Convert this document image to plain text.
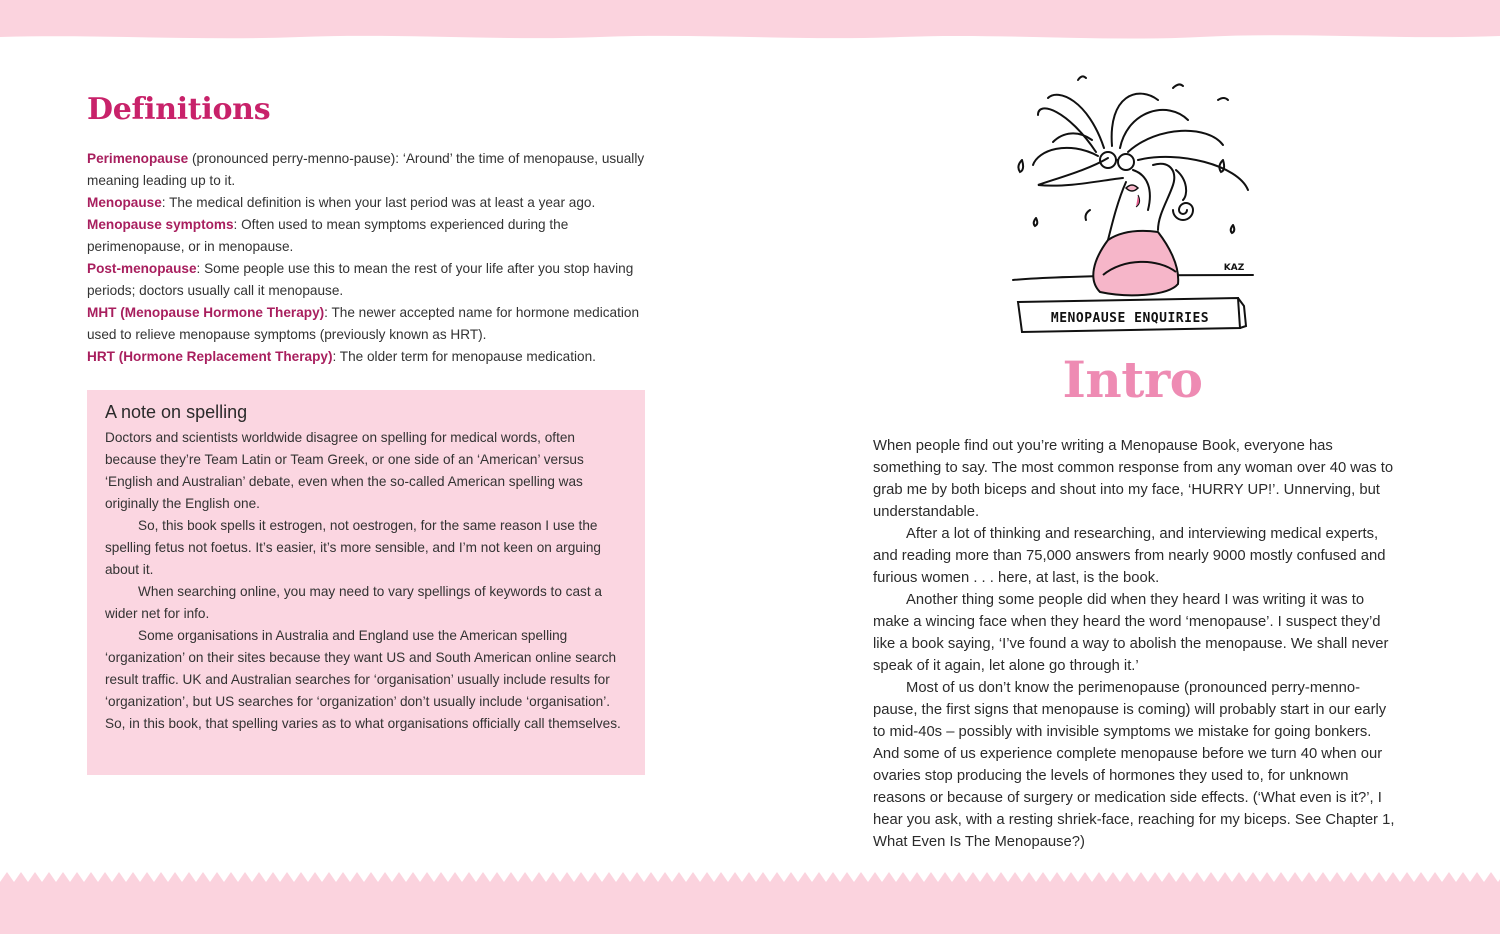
Definitions

Perimenopause (pronounced perry-menno-pause): ‘Around’ the time of menopause, usually meaning leading up to it.

Menopause: The medical definition is when your last period was at least a year ago.

Menopause symptoms: Often used to mean symptoms experienced during the perimenopause, or in menopause.

Post-menopause: Some people use this to mean the rest of your life after you stop having periods; doctors usually call it menopause.

MHT (Menopause Hormone Therapy): The newer accepted name for hormone medication used to relieve menopause symptoms (previously known as HRT).

HRT (Hormone Replacement Therapy): The older term for menopause medication.

A note on spelling

Doctors and scientists worldwide disagree on spelling for medical words, often because they’re Team Latin or Team Greek, or one side of an ‘American’ versus ‘English and Australian’ debate, even when the so-called American spelling was originally the English one.

So, this book spells it estrogen, not oestrogen, for the same reason I use the spelling fetus not foetus. It’s easier, it’s more sensible, and I’m not keen on arguing about it.

When searching online, you may need to vary spellings of keywords to cast a wider net for info.

Some organisations in Australia and England use the American spelling ‘organization’ on their sites because they want US and South American online search result traffic. UK and Australian searches for ‘organisation’ usually include results for ‘organization’, but US searches for ‘organization’ don’t usually include ‘organisation’. So, in this book, that spelling varies as to what organisations officially call themselves.

KAZ
MENOPAUSE ENQUIRIES
Intro

When people find out you’re writing a Menopause Book, everyone has something to say. The most common response from any woman over 40 was to grab me by both biceps and shout into my face, ‘HURRY UP!’. Unnerving, but understandable.

After a lot of thinking and researching, and interviewing medical experts, and reading more than 75,000 answers from nearly 9000 mostly confused and furious women . . . here, at last, is the book.

Another thing some people did when they heard I was writing it was to make a wincing face when they heard the word ‘menopause’. I suspect they’d like a book saying, ‘I’ve found a way to abolish the menopause. We shall never speak of it again, let alone go through it.’

Most of us don’t know the perimenopause (pronounced perry-menno-pause, the first signs that menopause is coming) will probably start in our early to mid-40s – possibly with invisible symptoms we mistake for going bonkers. And some of us experience complete menopause before we turn 40 when our ovaries stop producing the levels of hormones they used to, for unknown reasons or because of surgery or medication side effects. (‘What even is it?’, I hear you ask, with a resting shriek-face, reaching for my biceps. See Chapter 1, What Even Is The Menopause?)
